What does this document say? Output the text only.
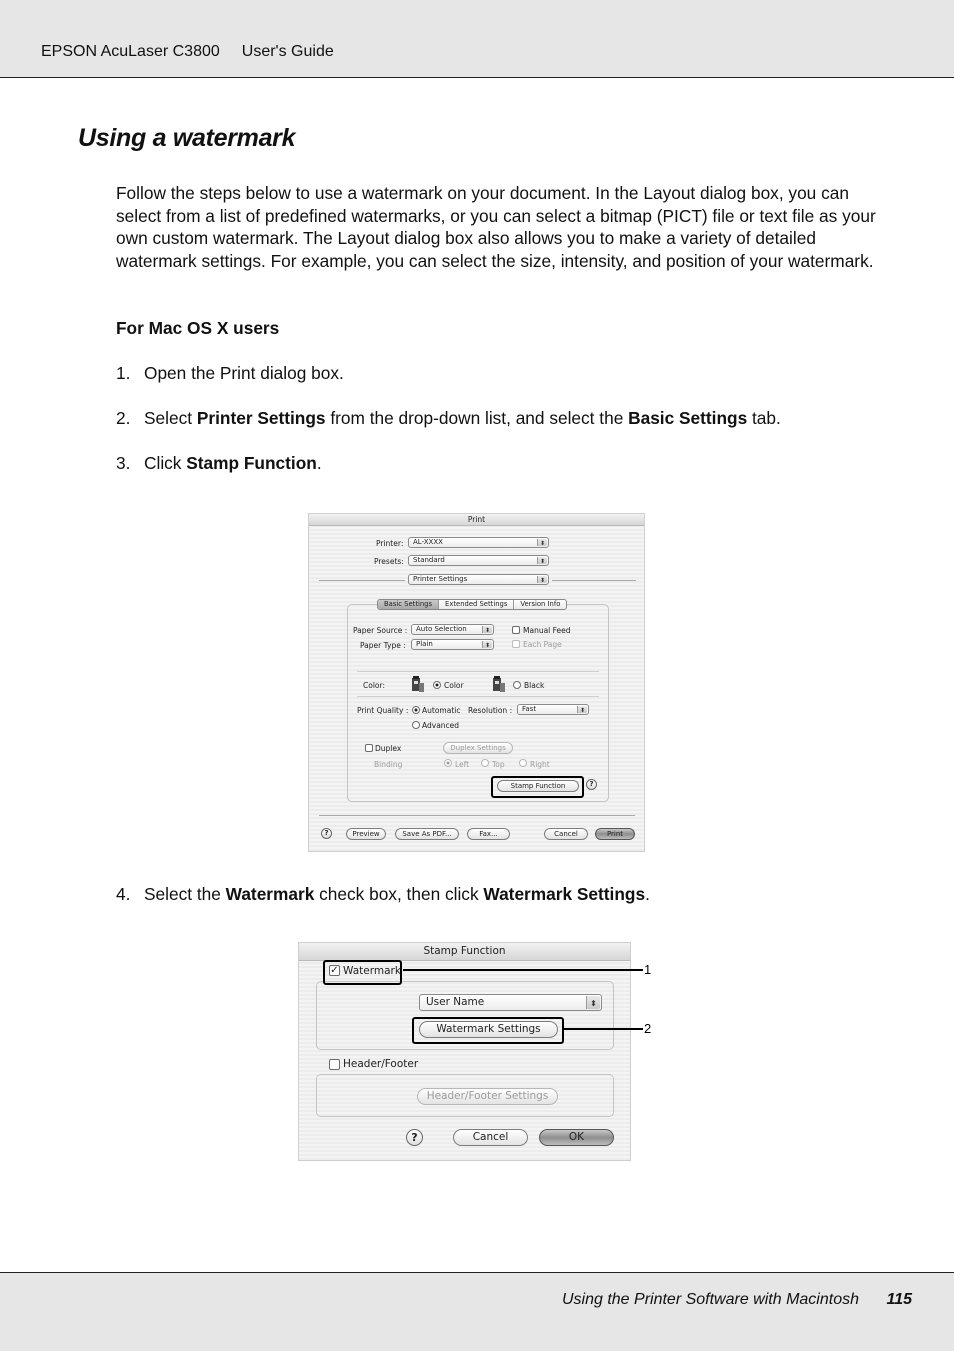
EPSON AcuLaser C3800 User's Guide
Using a watermark

Follow the steps below to use a watermark on your document. In the Layout dialog box, you can select from a list of predefined watermarks, or you can select a bitmap (PICT) file or text file as your own custom watermark. The Layout dialog box also allows you to make a variety of detailed watermark settings. For example, you can select the size, intensity, and position of your watermark.

For Mac OS X users
1. Open the Print dialog box.
2. Select Printer Settings from the drop-down list, and select the Basic Settings tab.
3. Click Stamp Function.
Print
Printer:	AL-XXXX	⬍
Presets:	Standard	⬍
Printer Settings	⬍
Basic Settings	Extended Settings	Version Info
Paper Source :	Auto Selection	⬍	Manual Feed
Paper Type :	Plain	⬍	Each Page
Color:	Color	Black
Print Quality : Automatic Resolution :	Fast	⬍
Advanced
Duplex	Duplex Settings
Binding	Left	Top	Right
Stamp Function	?
?	Preview	Save As PDF...	Fax...	Cancel	Print
4. Select the Watermark check box, then click Watermark Settings.
Stamp Function
✓ Watermark
User Name	⬍
Watermark Settings
Header/Footer
Header/Footer Settings
?	Cancel	OK
1
2
Using the Printer Software with Macintosh 115
